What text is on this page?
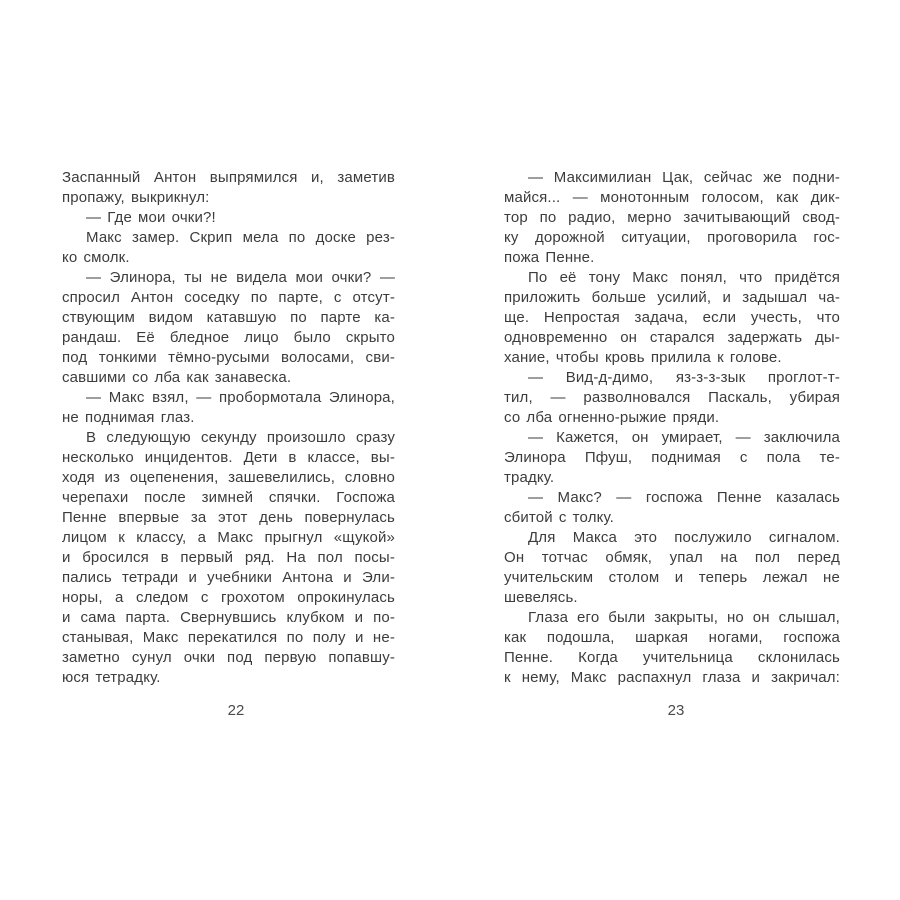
Заспанный Антон выпрямился и, заметив
пропажу, выкрикнул:
— Где мои очки?!
Макс замер. Скрип мела по доске рез-
ко смолк.
— Элинора, ты не видела мои очки? —
спросил Антон соседку по парте, с отсут-
ствующим видом катавшую по парте ка-
рандаш. Её бледное лицо было скрыто
под тонкими тёмно-русыми волосами, сви-
савшими со лба как занавеска.
— Макс взял, — пробормотала Элинора,
не поднимая глаз.
В следующую секунду произошло сразу
несколько инцидентов. Дети в классе, вы-
ходя из оцепенения, зашевелились, словно
черепахи после зимней спячки. Госпожа
Пенне впервые за этот день повернулась
лицом к классу, а Макс прыгнул «щукой»
и бросился в первый ряд. На пол посы-
пались тетради и учебники Антона и Эли-
норы, а следом с грохотом опрокинулась
и сама парта. Свернувшись клубком и по-
станывая, Макс перекатился по полу и не-
заметно сунул очки под первую попавшу-
юся тетрадку.
— Максимилиан Цак, сейчас же подни-
майся... — монотонным голосом, как дик-
тор по радио, мерно зачитывающий свод-
ку дорожной ситуации, проговорила гос-
пожа Пенне.
По её тону Макс понял, что придётся
приложить больше усилий, и задышал ча-
ще. Непростая задача, если учесть, что
одновременно он старался задержать ды-
хание, чтобы кровь прилила к голове.
— Вид-д-димо, яз-з-з-зык проглот-т-
тил, — разволновался Паскаль, убирая
со лба огненно-рыжие пряди.
— Кажется, он умирает, — заключила
Элинора Пфуш, поднимая с пола те-
традку.
— Макс? — госпожа Пенне казалась
сбитой с толку.
Для Макса это послужило сигналом.
Он тотчас обмяк, упал на пол перед
учительским столом и теперь лежал не
шевелясь.
Глаза его были закрыты, но он слышал,
как подошла, шаркая ногами, госпожа
Пенне. Когда учительница склонилась
к нему, Макс распахнул глаза и закричал:
22	23
